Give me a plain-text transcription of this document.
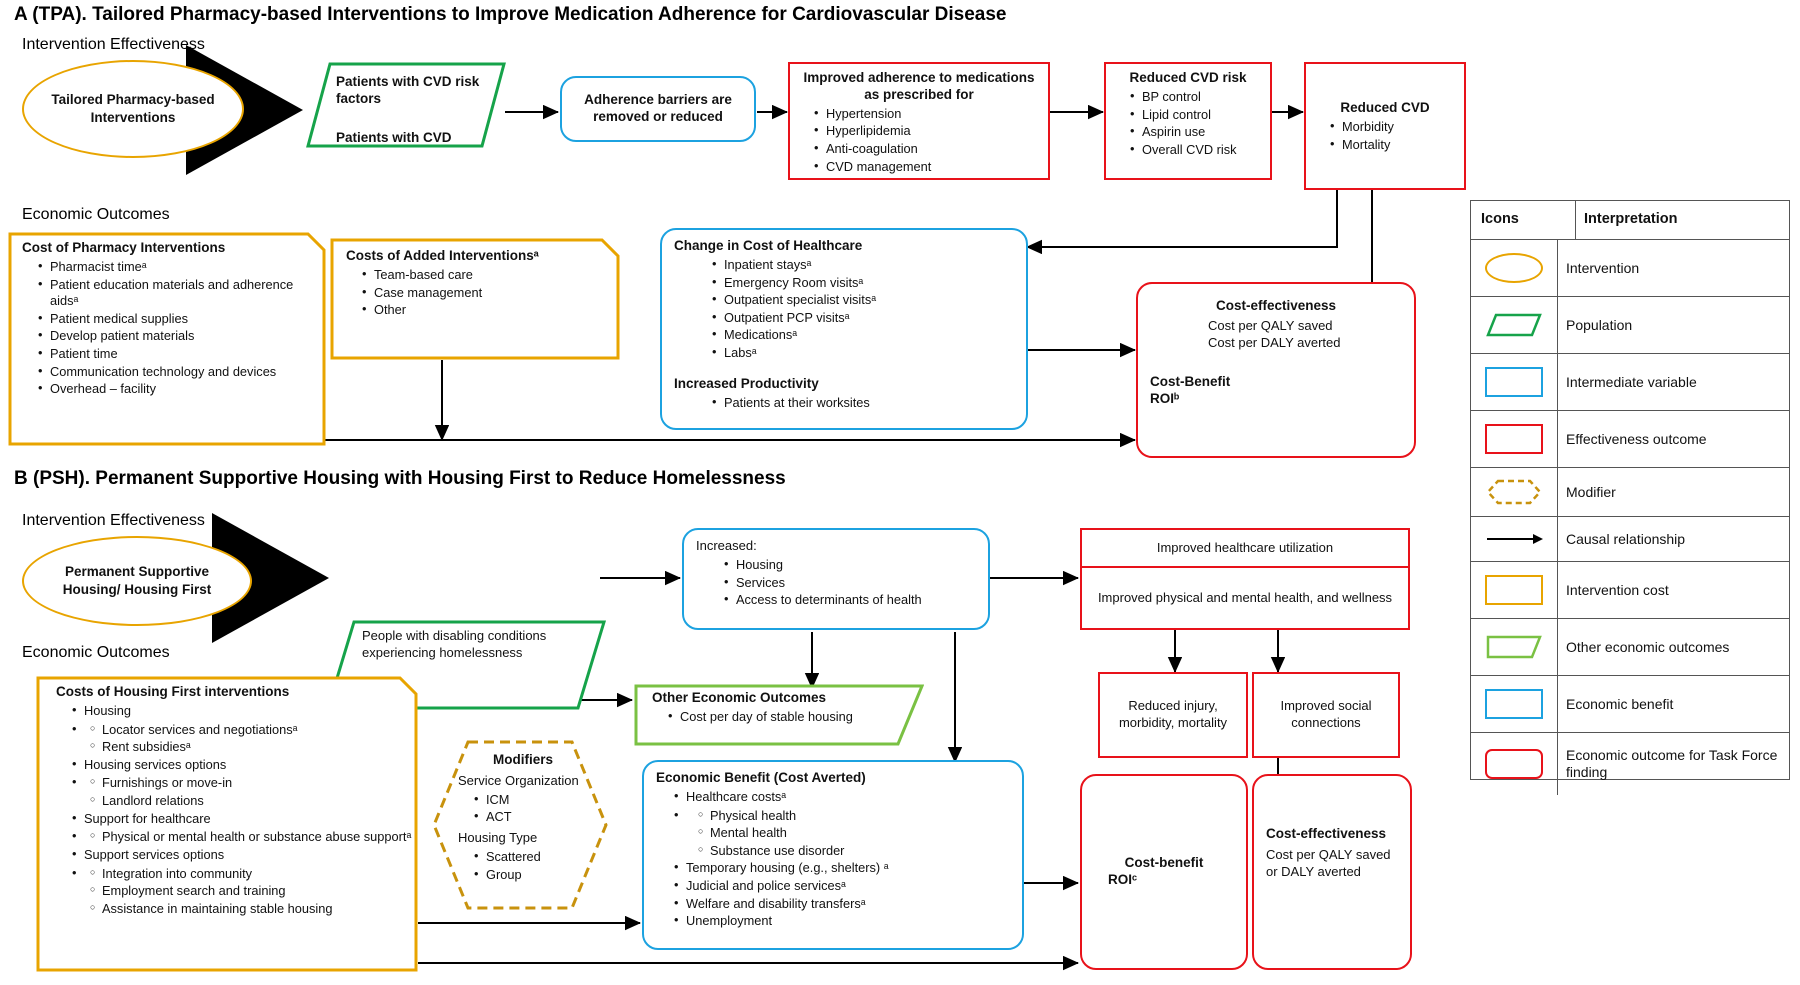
A (TPA). Tailored Pharmacy-based Interventions to Improve Medication Adherence for Cardiovascular Disease
Intervention Effectiveness
Tailored Pharmacy-based Interventions
Patients with CVD risk factors
Patients with CVD
Adherence barriers are removed or reduced
Improved adherence to medications as prescribed for
• Hypertension
• Hyperlipidemia
• Anti-coagulation
• CVD management
Reduced CVD risk
• BP control
• Lipid control
• Aspirin use
• Overall CVD risk
Reduced CVD
• Morbidity
• Mortality
Economic Outcomes
Cost of Pharmacy Interventions
• Pharmacist timeᵃ
• Patient education materials and adherence aidsᵃ
• Patient medical supplies
• Develop patient materials
• Patient time
• Communication technology and devices
• Overhead – facility
Costs of Added Interventionsᵃ
• Team-based care
• Case management
• Other
Change in Cost of Healthcare
• Inpatient staysᵃ
• Emergency Room visitsᵃ
• Outpatient specialist visitsᵃ
• Outpatient PCP visitsᵃ
• Medicationsᵃ
• Labsᵃ
Increased Productivity
• Patients at their worksites
Cost-effectiveness
Cost per QALY saved
Cost per DALY averted
Cost-Benefit
ROIᵇ
B (PSH). Permanent Supportive Housing with Housing First to Reduce Homelessness
Intervention Effectiveness
Permanent Supportive Housing/ Housing First
People with disabling conditions experiencing homelessness
Increased:
• Housing
• Services
• Access to determinants of health
Improved healthcare utilization
Improved physical and mental health, and wellness
Economic Outcomes
Reduced injury, morbidity, mortality
Improved social connections
Costs of Housing First interventions
• Housing
○ • Locator services and negotiationsᵃ
○ Rent subsidiesᵃ
• Housing services options
○ • Furnishings or move-in
○ Landlord relations
• Support for healthcare
○ • Physical or mental health or substance abuse supportᵃ
• Support services options
○ • Integration into community
○ Employment search and training
○ Assistance in maintaining stable housing
Other Economic Outcomes
• Cost per day of stable housing
Modifiers
Service Organization
• ICM
• ACT
Housing Type
• Scattered
• Group
Economic Benefit (Cost Averted)
• Healthcare costsᵃ
○ • Physical health
○ Mental health
○ Substance use disorder
• Temporary housing (e.g., shelters) ᵃ
• Judicial and police servicesᵃ
• Welfare and disability transfersᵃ
• Unemployment
Cost-benefit
ROIᶜ
Cost-effectiveness
Cost per QALY saved or DALY averted
Icons	Interpretation
Intervention
Population
Intermediate variable
Effectiveness outcome
Modifier
Causal relationship
Intervention cost
Other economic outcomes
Economic benefit
Economic outcome for Task Force finding
